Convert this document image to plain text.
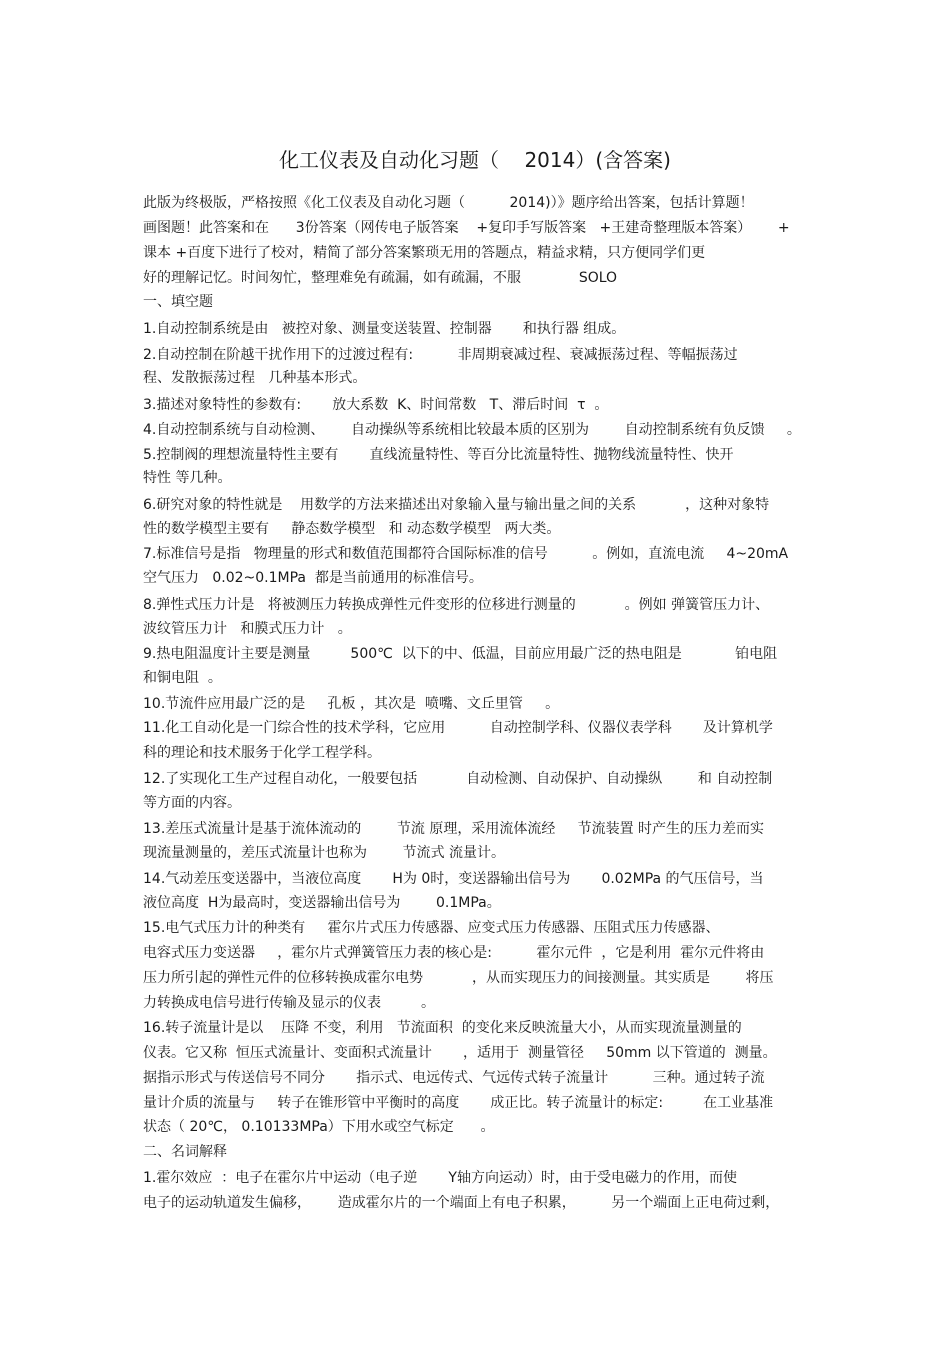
化工仪表及自动化习题（    2014）(含答案)
此版为终极版，严格按照《化工仪表及自动化习题（          2014)）》题序给出答案，包括计算题！
画图题！此答案和在      3份答案（网传电子版答案    +复印手写版答案   +王建奇整理版本答案）      +
课本 +百度下进行了校对，精简了部分答案繁琐无用的答题点，精益求精，只方便同学们更
好的理解记忆。时间匆忙，整理难免有疏漏，如有疏漏，不服             SOLO
一、填空题
1.自动控制系统是由   被控对象、测量变送装置、控制器       和执行器 组成。
2.自动控制在阶越干扰作用下的过渡过程有:          非周期衰减过程、衰减振荡过程、等幅振荡过
程、发散振荡过程   几种基本形式。
3.描述对象特性的参数有:       放大系数  K、时间常数   T、滞后时间  τ  。
4.自动控制系统与自动检测、      自动操纵等系统相比较最本质的区别为        自动控制系统有负反馈     。
5.控制阀的理想流量特性主要有       直线流量特性、等百分比流量特性、抛物线流量特性、快开
特性 等几种。
6.研究对象的特性就是    用数学的方法来描述出对象输入量与输出量之间的关系           ，这种对象特
性的数学模型主要有     静态数学模型   和 动态数学模型   两大类。
7.标准信号是指   物理量的形式和数值范围都符合国际标准的信号          。例如，直流电流     4~20mA
空气压力   0.02~0.1MPa  都是当前通用的标准信号。
8.弹性式压力计是   将被测压力转换成弹性元件变形的位移进行测量的           。例如 弹簧管压力计、
波纹管压力计   和膜式压力计   。
9.热电阻温度计主要是测量         500℃  以下的中、低温，目前应用最广泛的热电阻是            铂电阻
和铜电阻  。
10.节流件应用最广泛的是     孔板 ，其次是  喷嘴、文丘里管     。
11.化工自动化是一门综合性的技术学科，它应用          自动控制学科、仪器仪表学科       及计算机学
科的理论和技术服务于化学工程学科。
12.了实现化工生产过程自动化，一般要包括           自动检测、自动保护、自动操纵        和 自动控制
等方面的内容。
13.差压式流量计是基于流体流动的        节流 原理，采用流体流经     节流装置 时产生的压力差而实
现流量测量的，差压式流量计也称为        节流式 流量计。
14.气动差压变送器中，当液位高度       H为 0时，变送器输出信号为       0.02MPa 的气压信号，当
液位高度  H为最高时，变送器输出信号为        0.1MPa。
15.电气式压力计的种类有     霍尔片式压力传感器、应变式压力传感器、压阻式压力传感器、
电容式压力变送器     ，霍尔片式弹簧管压力表的核心是:          霍尔元件  ，它是利用  霍尔元件将由
压力所引起的弹性元件的位移转换成霍尔电势           ，从而实现压力的间接测量。其实质是        将压
力转换成电信号进行传输及显示的仪表         。
16.转子流量计是以    压降 不变，利用   节流面积  的变化来反映流量大小，从而实现流量测量的
仪表。它又称  恒压式流量计、变面积式流量计       ，适用于  测量管径     50mm 以下管道的  测量。
据指示形式与传送信号不同分       指示式、电远传式、气远传式转子流量计          三种。通过转子流
量计介质的流量与     转子在锥形管中平衡时的高度       成正比。转子流量计的标定:         在工业基准
状态（ 20℃， 0.10133MPa）下用水或空气标定      。
二、名词解释
1.霍尔效应  ：电子在霍尔片中运动（电子逆       Y轴方向运动）时，由于受电磁力的作用，而使
电子的运动轨道发生偏移，      造成霍尔片的一个端面上有电子积累，        另一个端面上正电荷过剩，
